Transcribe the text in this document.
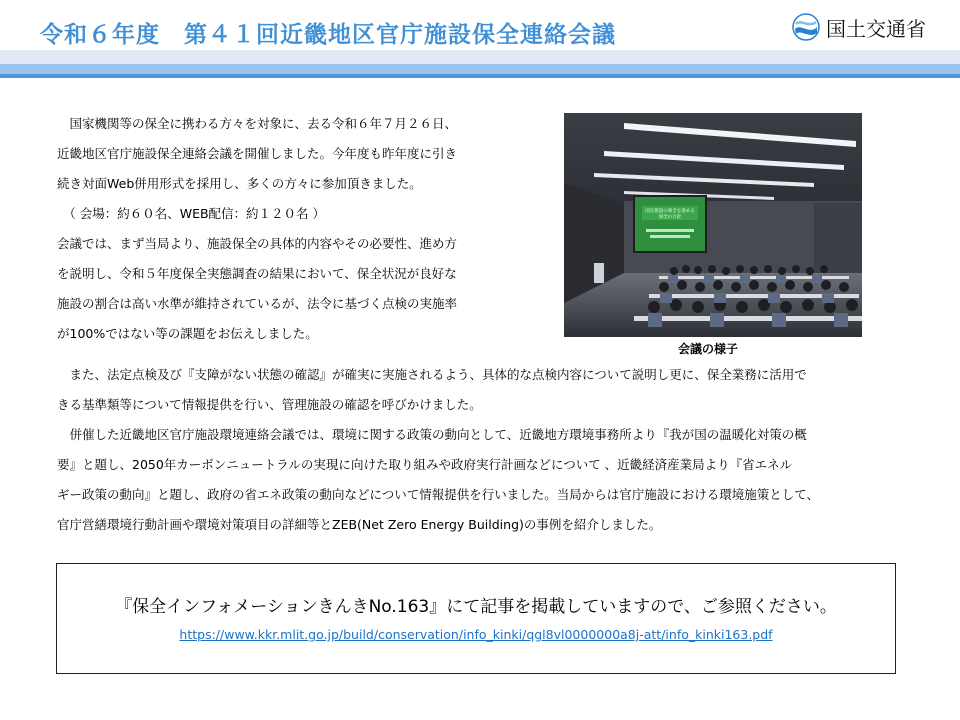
令和６年度　第４１回近畿地区官庁施設保全連絡会議	国土交通省
　国家機関等の保全に携わる方々を対象に、去る令和６年７月２６日、
近畿地区官庁施設保全連絡会議を開催しました。今年度も昨年度に引き
続き対面Web併用形式を採用し、多くの方々に参加頂きました。
　（ 会場：約６０名、WEB配信：約１２０名 ）
会議では、まず当局より、施設保全の具体的内容やその必要性、進め方
を説明し、令和５年度保全実態調査の結果において、保全状況が良好な
施設の割合は高い水準が維持されているが、法令に基づく点検の実施率
が100%ではない等の課題をお伝えしました。
国官施設の保全を進める
保全の方針
会議の様子
　また、法定点検及び『支障がない状態の確認』が確実に実施されるよう、具体的な点検内容について説明し更に、保全業務に活用で
きる基準類等について情報提供を行い、管理施設の確認を呼びかけました。
　併催した近畿地区官庁施設環境連絡会議では、環境に関する政策の動向として、近畿地方環境事務所より『我が国の温暖化対策の概
要』と題し、2050年カーボンニュートラルの実現に向けた取り組みや政府実行計画などについて 、近畿経済産業局より『省エネル
ギー政策の動向』と題し、政府の省エネ政策の動向などについて情報提供を行いました。当局からは官庁施設における環境施策として、
官庁営繕環境行動計画や環境対策項目の詳細等とZEB(Net Zero Energy Building)の事例を紹介しました。
『保全インフォメーションきんきNo.163』にて記事を掲載していますので、ご参照ください。
https://www.kkr.mlit.go.jp/build/conservation/info_kinki/qgl8vl0000000a8j-att/info_kinki163.pdf
